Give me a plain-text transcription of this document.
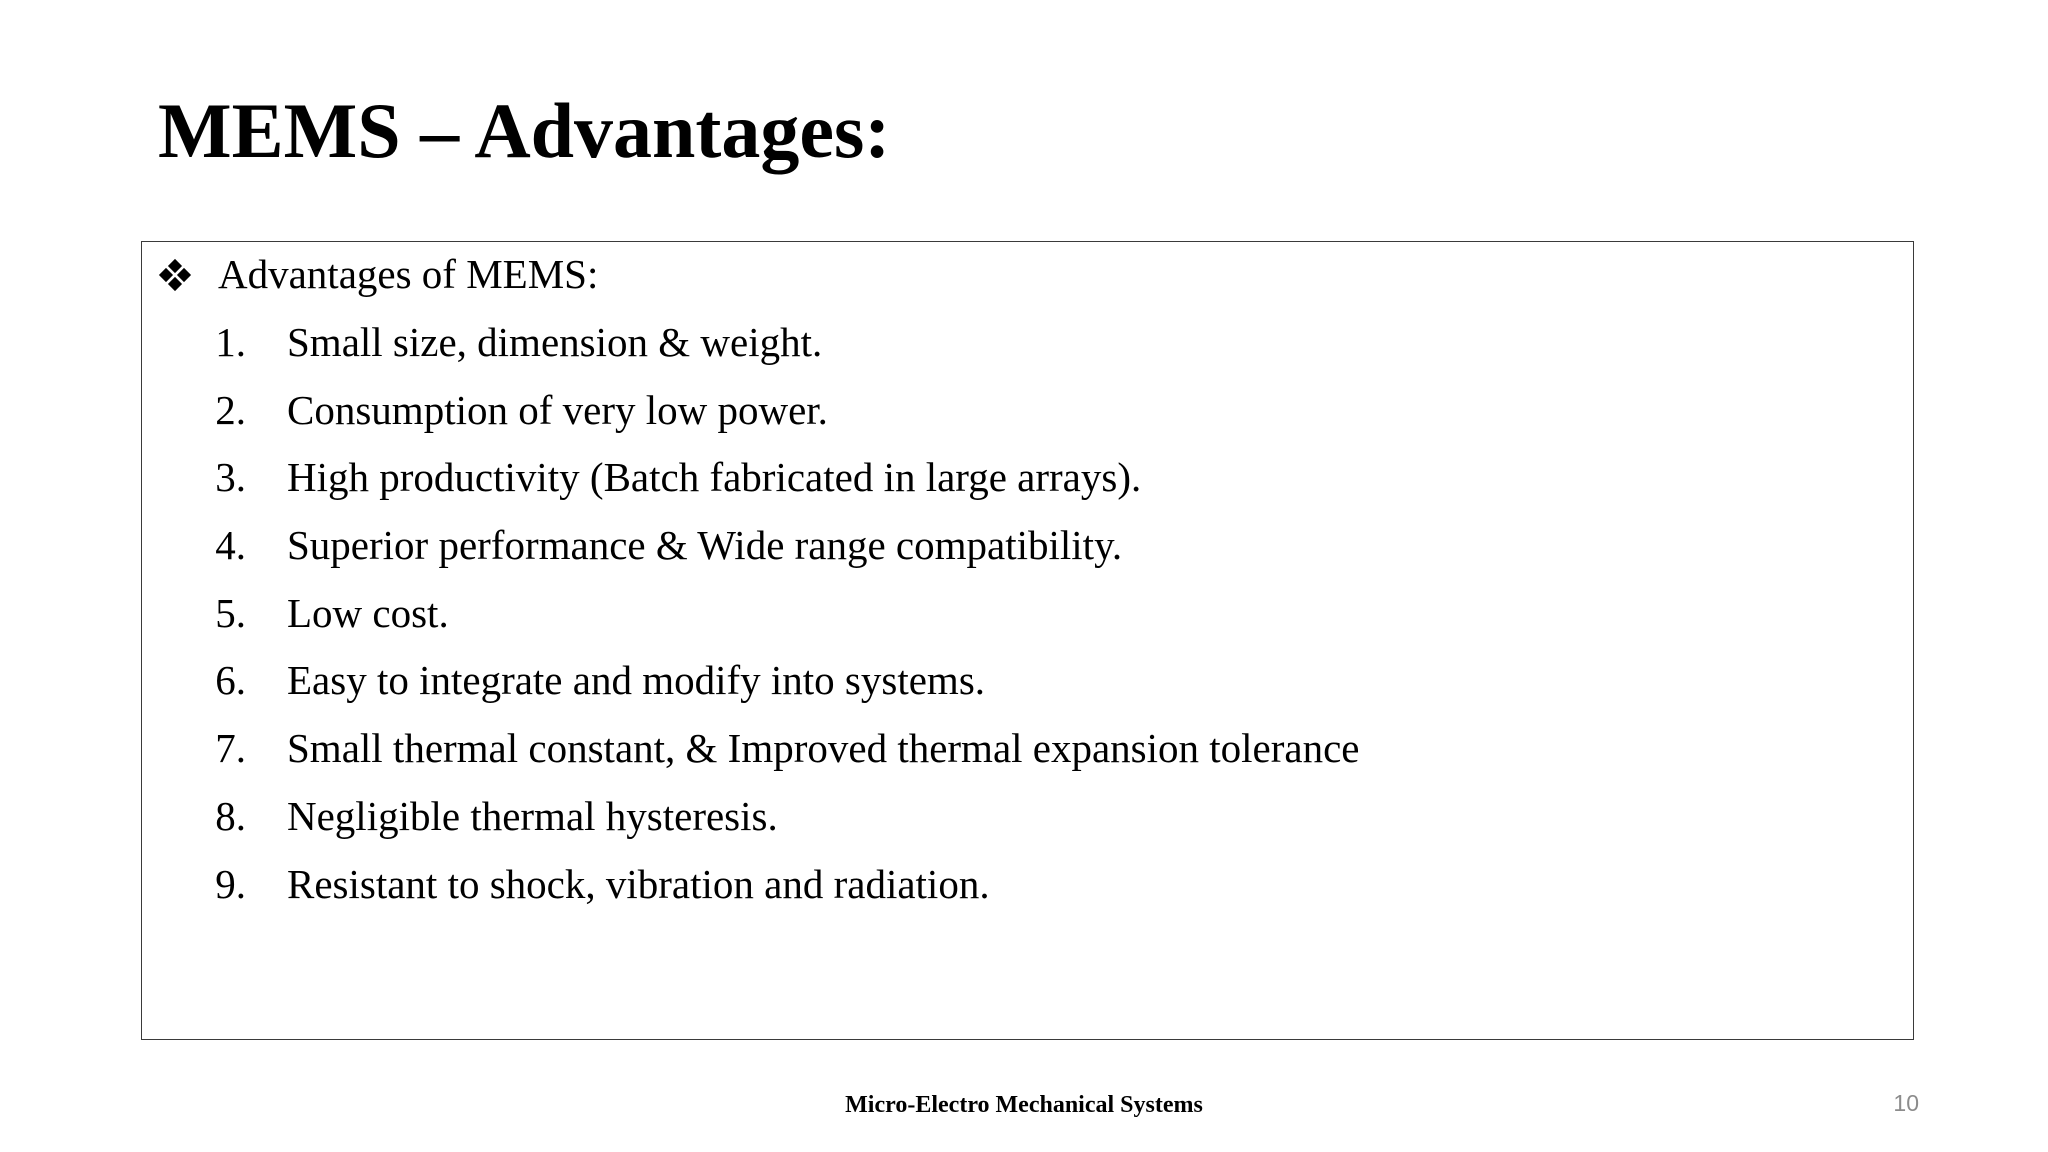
MEMS – Advantages:
Advantages of MEMS:
1. Small size, dimension & weight.
2. Consumption of very low power.
3. High productivity (Batch fabricated in large arrays).
4. Superior performance & Wide range compatibility.
5. Low cost.
6. Easy to integrate and modify into systems.
7. Small thermal constant, & Improved thermal expansion tolerance
8. Negligible thermal hysteresis.
9. Resistant to shock, vibration and radiation.
Micro-Electro Mechanical Systems	10
